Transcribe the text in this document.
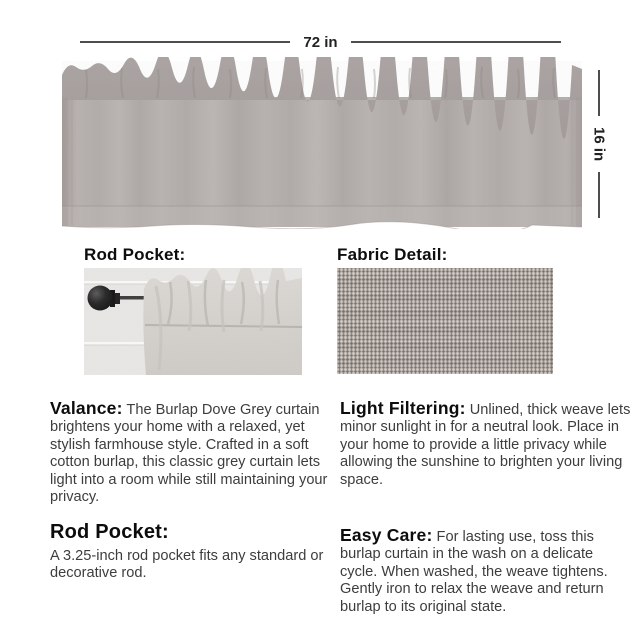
72 in
16 in
Rod Pocket:	Fabric Detail:

Valance: The Burlap Dove Grey curtain brightens your home with a relaxed, yet stylish farmhouse style. Crafted in a soft cotton burlap, this classic grey curtain lets light into a room while still maintaining your privacy.

Light Filtering: Unlined, thick weave lets minor sunlight in for a neutral look. Place in your home to provide a little privacy while allowing the sunshine to brighten your living space.

Rod Pocket:

A 3.25-inch rod pocket fits any standard or decorative rod.

Easy Care: For lasting use, toss this burlap curtain in the wash on a delicate cycle. When washed, the weave tightens. Gently iron to relax the weave and return burlap to its original state.
